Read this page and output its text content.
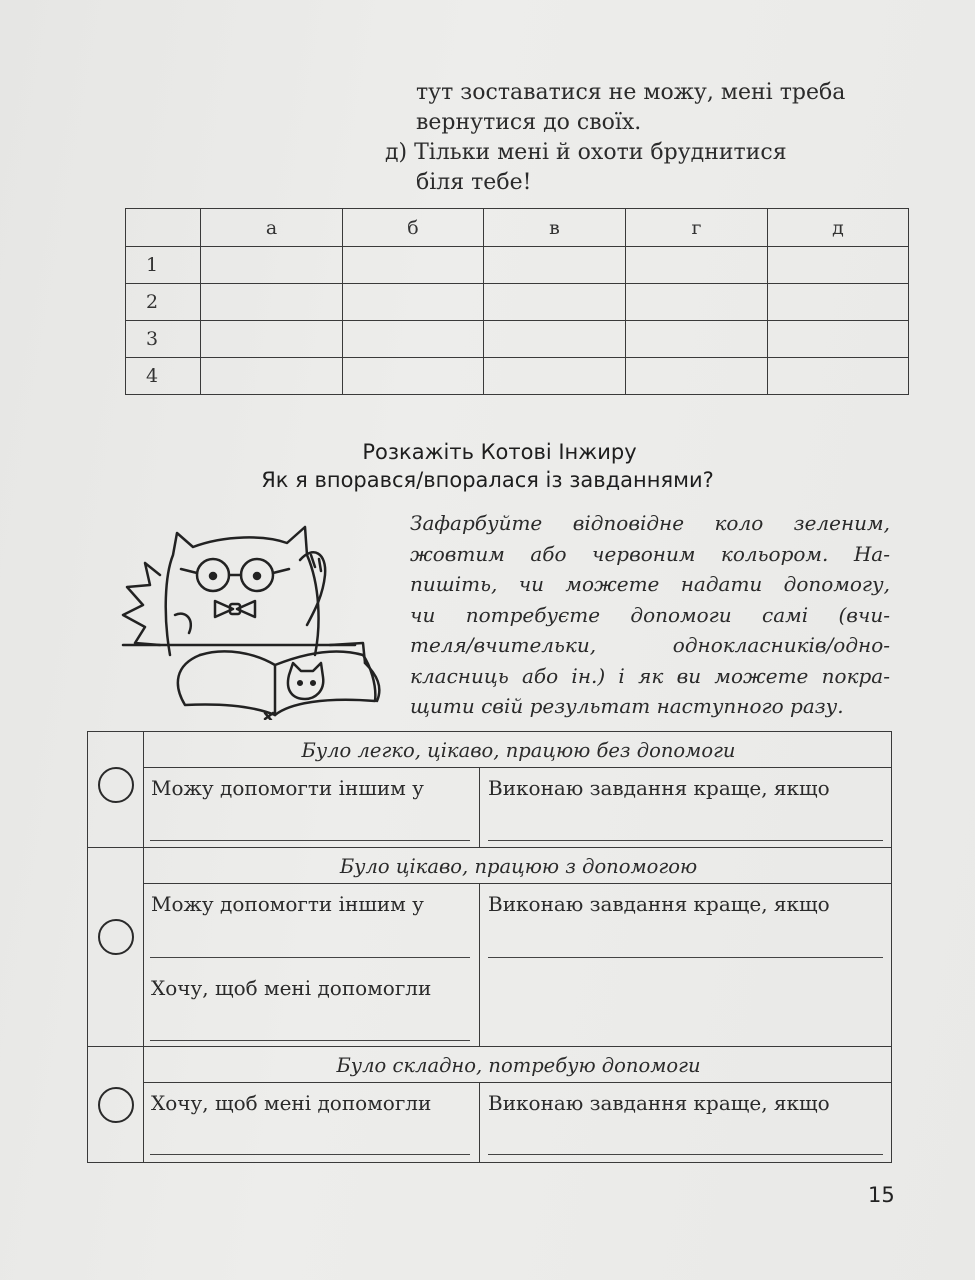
тут зоставатися не можу, мені треба
вернутися до своїх.
д) Тільки мені й охоти бруднитися
біля тебе!
	а	б	в	г	д
1					
2					
3					
4					
Розкажіть Котові Інжиру
Як я впорався/впоралася із завданнями?
Зафарбуйте відповідне коло зеленим,
жовтим або червоним кольором. На-
пишіть, чи можете надати допомогу,
чи потребуєте допомоги самі (вчи-
теля/вчительки, однокласників/одно-
класниць або ін.) і як ви можете покра-
щити свій результат наступного разу.
Було легко, цікаво, працюю без допомоги
Можу допомогти іншим у	Виконаю завдання краще, якщо
Було цікаво, працюю з допомогою
Можу допомогти іншим у
Хочу, щоб мені допомогли
Виконаю завдання краще, якщо
Було складно, потребую допомоги
Хочу, щоб мені допомогли	Виконаю завдання краще, якщо
15
